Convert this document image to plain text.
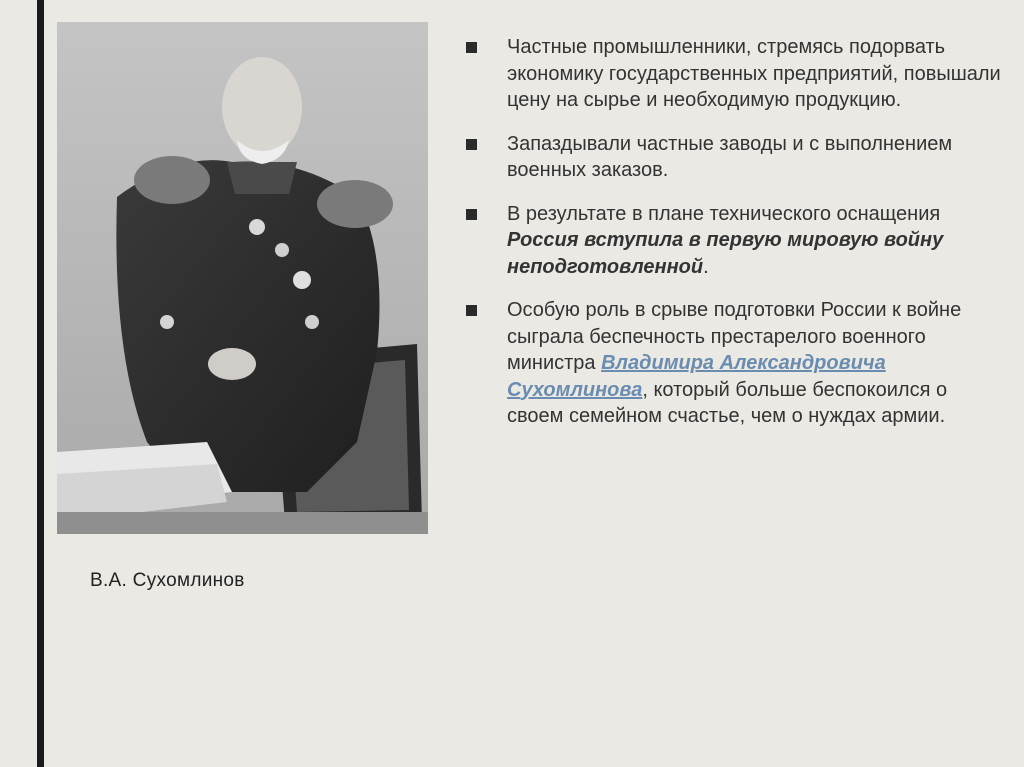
В.А. Сухомлинов
Частные промышленники, стремясь подорвать экономику государственных предприятий, повышали цену на сырье и необходимую продукцию.
Запаздывали частные заводы и с выполнением военных заказов.
В результате в плане технического оснащения Россия вступила в первую мировую войну неподготовленной.
Особую роль в срыве подготовки России к войне сыграла беспечность престарелого военного министра Владимира Александровича Сухомлинова, который больше беспокоился о своем семейном счастье, чем о нуждах армии.
